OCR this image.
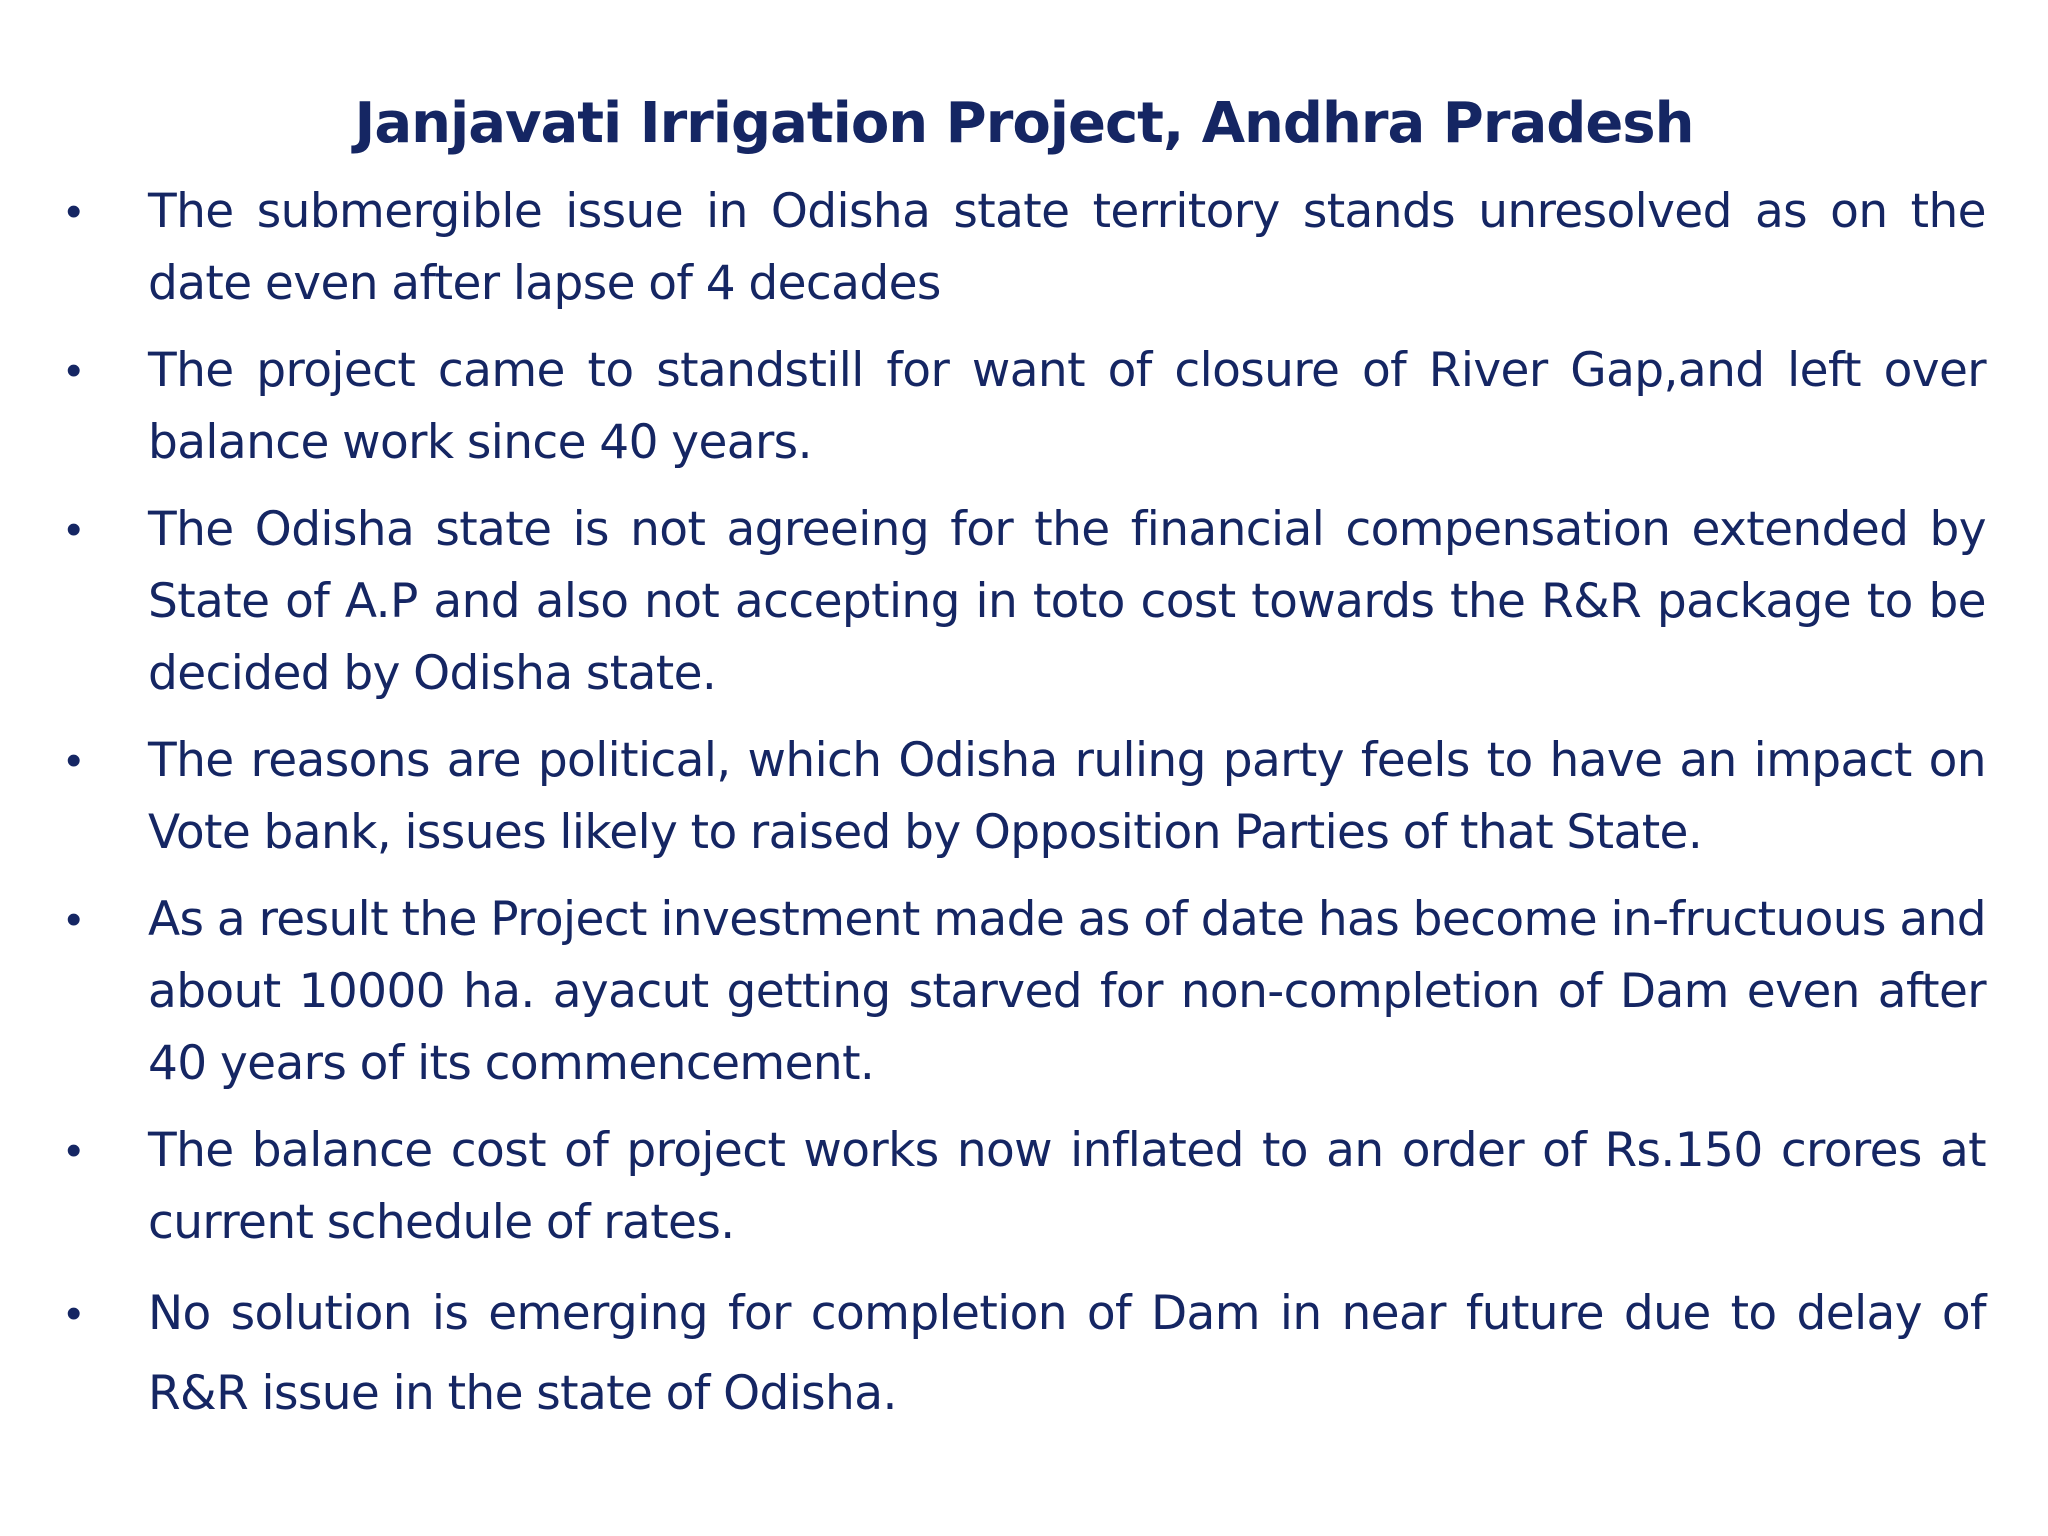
Janjavati Irrigation Project, Andhra Pradesh
• The submergible issue in Odisha state territory stands unresolved as on the date even after lapse of 4 decades
• The project came to standstill for want of closure of River Gap,and left over balance work since 40 years.
• The Odisha state is not agreeing for the financial compensation extended by State of A.P and also not accepting in toto cost towards the R&R package to be decided by Odisha state.
• The reasons are political, which Odisha ruling party feels to have an impact on Vote bank, issues likely to raised by Opposition Parties of that State.
• As a result the Project investment made as of date has become in-fructuous and about 10000 ha. ayacut getting starved for non-completion of Dam even after 40 years of its commencement.
• The balance cost of project works now inflated to an order of Rs.150 crores at current schedule of rates.
• No solution is emerging for completion of Dam in near future due to delay of R&R issue in the state of Odisha.
